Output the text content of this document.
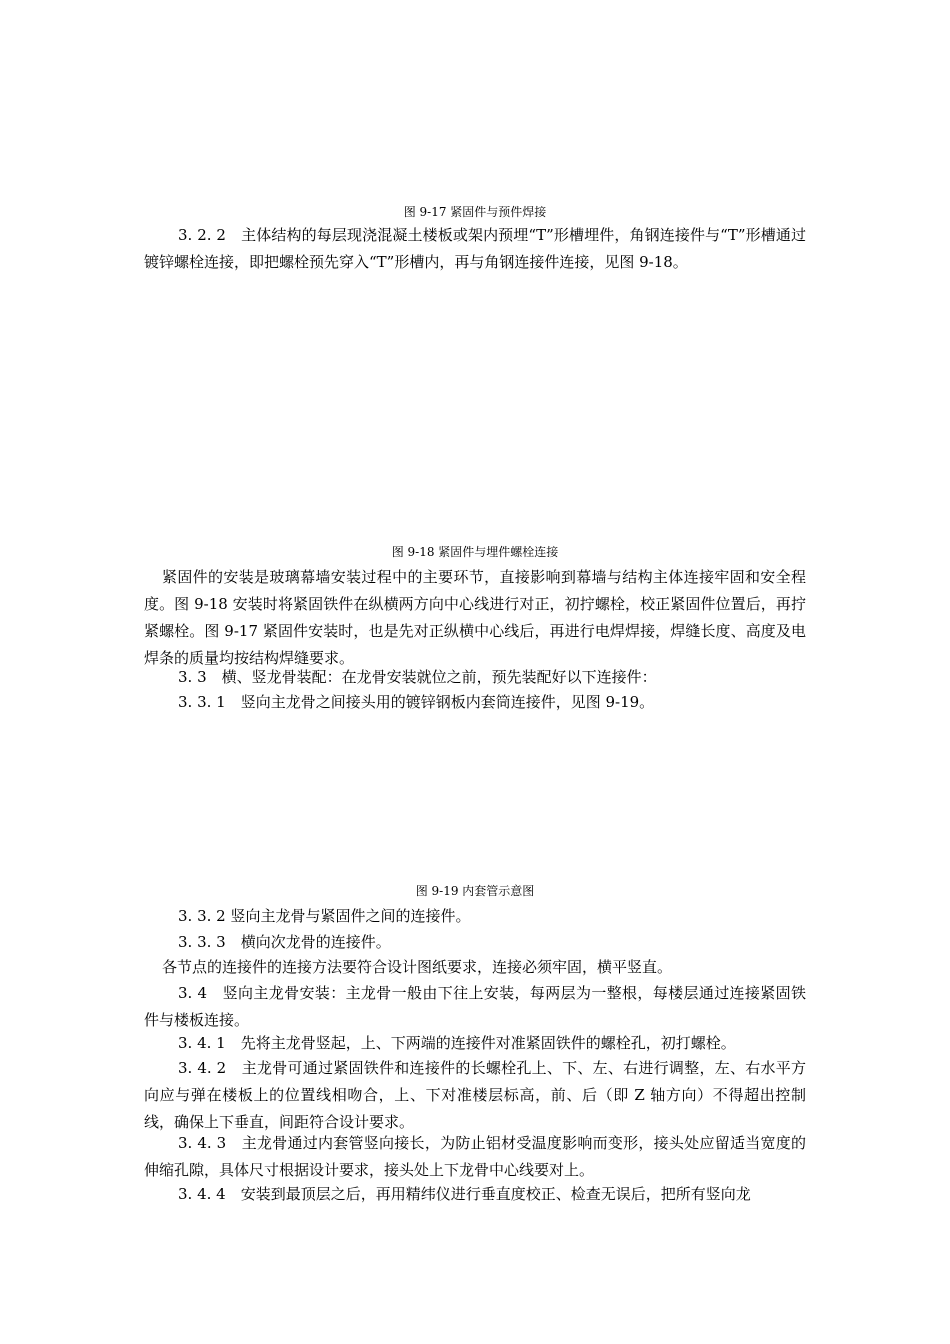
图 9-17 紧固件与预件焊接

3. 2. 2　主体结构的每层现浇混凝土楼板或架内预埋“T”形槽埋件，角钢连接件与“T”形槽通过镀锌螺栓连接，即把螺栓预先穿入“T”形槽内，再与角钢连接件连接，见图 9-18。

图 9-18 紧固件与埋件螺栓连接

紧固件的安装是玻璃幕墙安装过程中的主要环节，直接影响到幕墙与结构主体连接牢固和安全程度。图 9-18 安装时将紧固铁件在纵横两方向中心线进行对正，初拧螺栓，校正紧固件位置后，再拧紧螺栓。图 9-17 紧固件安装时，也是先对正纵横中心线后，再进行电焊焊接，焊缝长度、高度及电焊条的质量均按结构焊缝要求。

3. 3　横、竖龙骨装配：在龙骨安装就位之前，预先装配好以下连接件：

3. 3. 1　竖向主龙骨之间接头用的镀锌钢板内套筒连接件，见图 9-19。

图 9-19 内套管示意图

3. 3. 2 竖向主龙骨与紧固件之间的连接件。

3. 3. 3　横向次龙骨的连接件。

各节点的连接件的连接方法要符合设计图纸要求，连接必须牢固，横平竖直。

3. 4　竖向主龙骨安装：主龙骨一般由下往上安装，每两层为一整根，每楼层通过连接紧固铁件与楼板连接。

3. 4. 1　先将主龙骨竖起，上、下两端的连接件对准紧固铁件的螺栓孔，初打螺栓。

3. 4. 2　主龙骨可通过紧固铁件和连接件的长螺栓孔上、下、左、右进行调整，左、右水平方向应与弹在楼板上的位置线相吻合，上、下对准楼层标高，前、后（即 Z 轴方向）不得超出控制线，确保上下垂直，间距符合设计要求。

3. 4. 3　主龙骨通过内套管竖向接长，为防止铝材受温度影响而变形，接头处应留适当宽度的伸缩孔隙，具体尺寸根据设计要求，接头处上下龙骨中心线要对上。

3. 4. 4　安装到最顶层之后，再用精纬仪进行垂直度校正、检查无误后，把所有竖向龙
